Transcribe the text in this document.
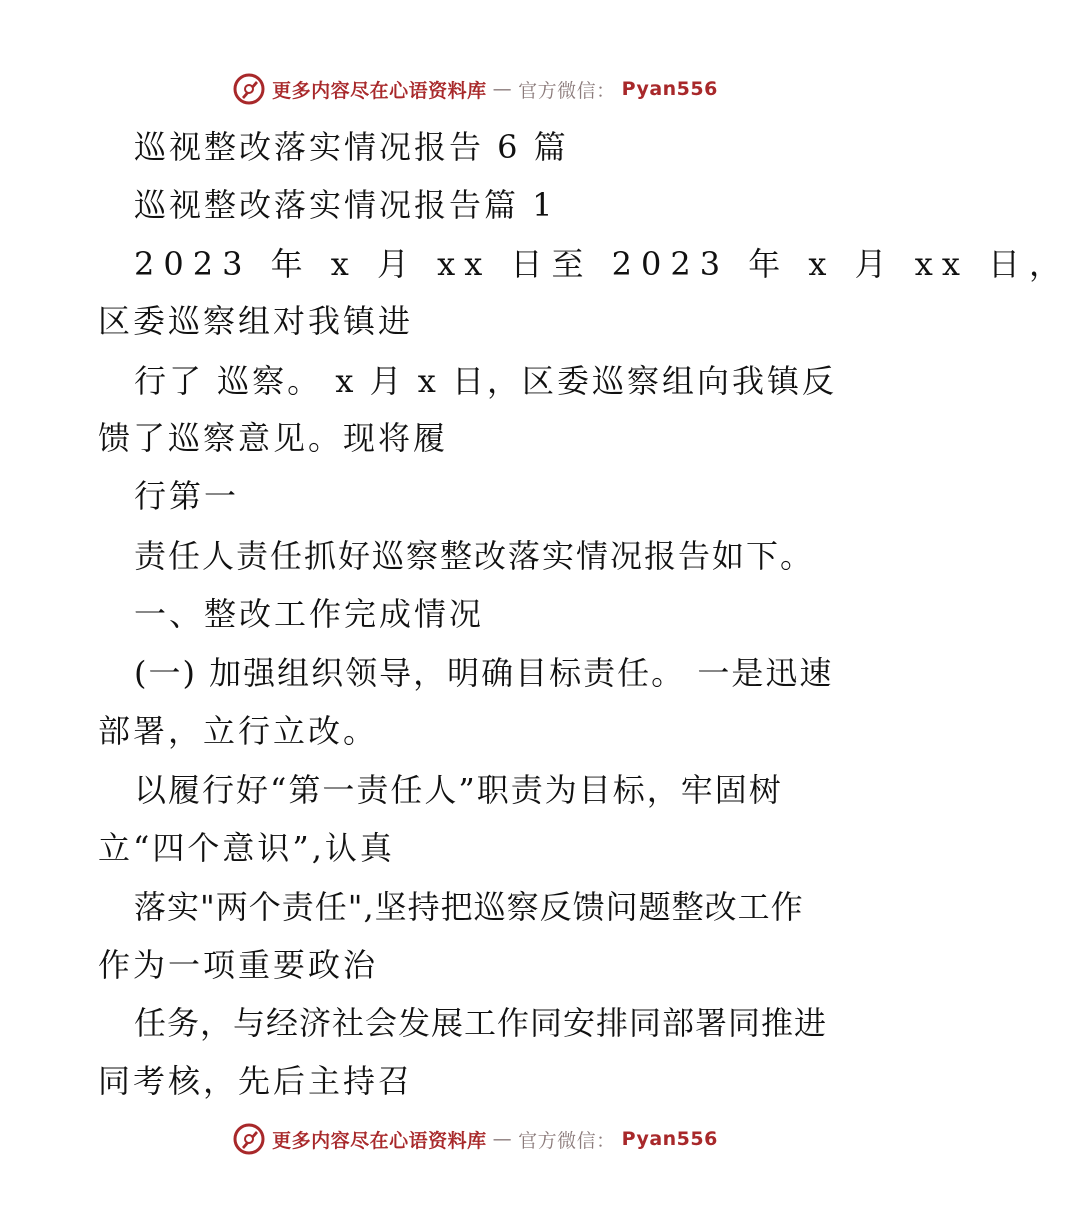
更多内容尽在心语资料库 — 官方微信： Pyan556
巡视整改落实情况报告 6 篇
巡视整改落实情况报告篇 1
2023 年 x 月 xx 日至 2023 年 x 月 xx 日，
区委巡察组对我镇进
行了 巡察。 x 月 x 日，区委巡察组向我镇反
馈了巡察意见。现将履
行第一
责任人责任抓好巡察整改落实情况报告如下。
一、整改工作完成情况
(一) 加强组织领导，明确目标责任。 一是迅速
部署，立行立改。
以履行好“第一责任人”职责为目标，牢固树
立“四个意识”,认真
落实"两个责任",坚持把巡察反馈问题整改工作
作为一项重要政治
任务，与经济社会发展工作同安排同部署同推进
同考核，先后主持召
更多内容尽在心语资料库 — 官方微信： Pyan556
